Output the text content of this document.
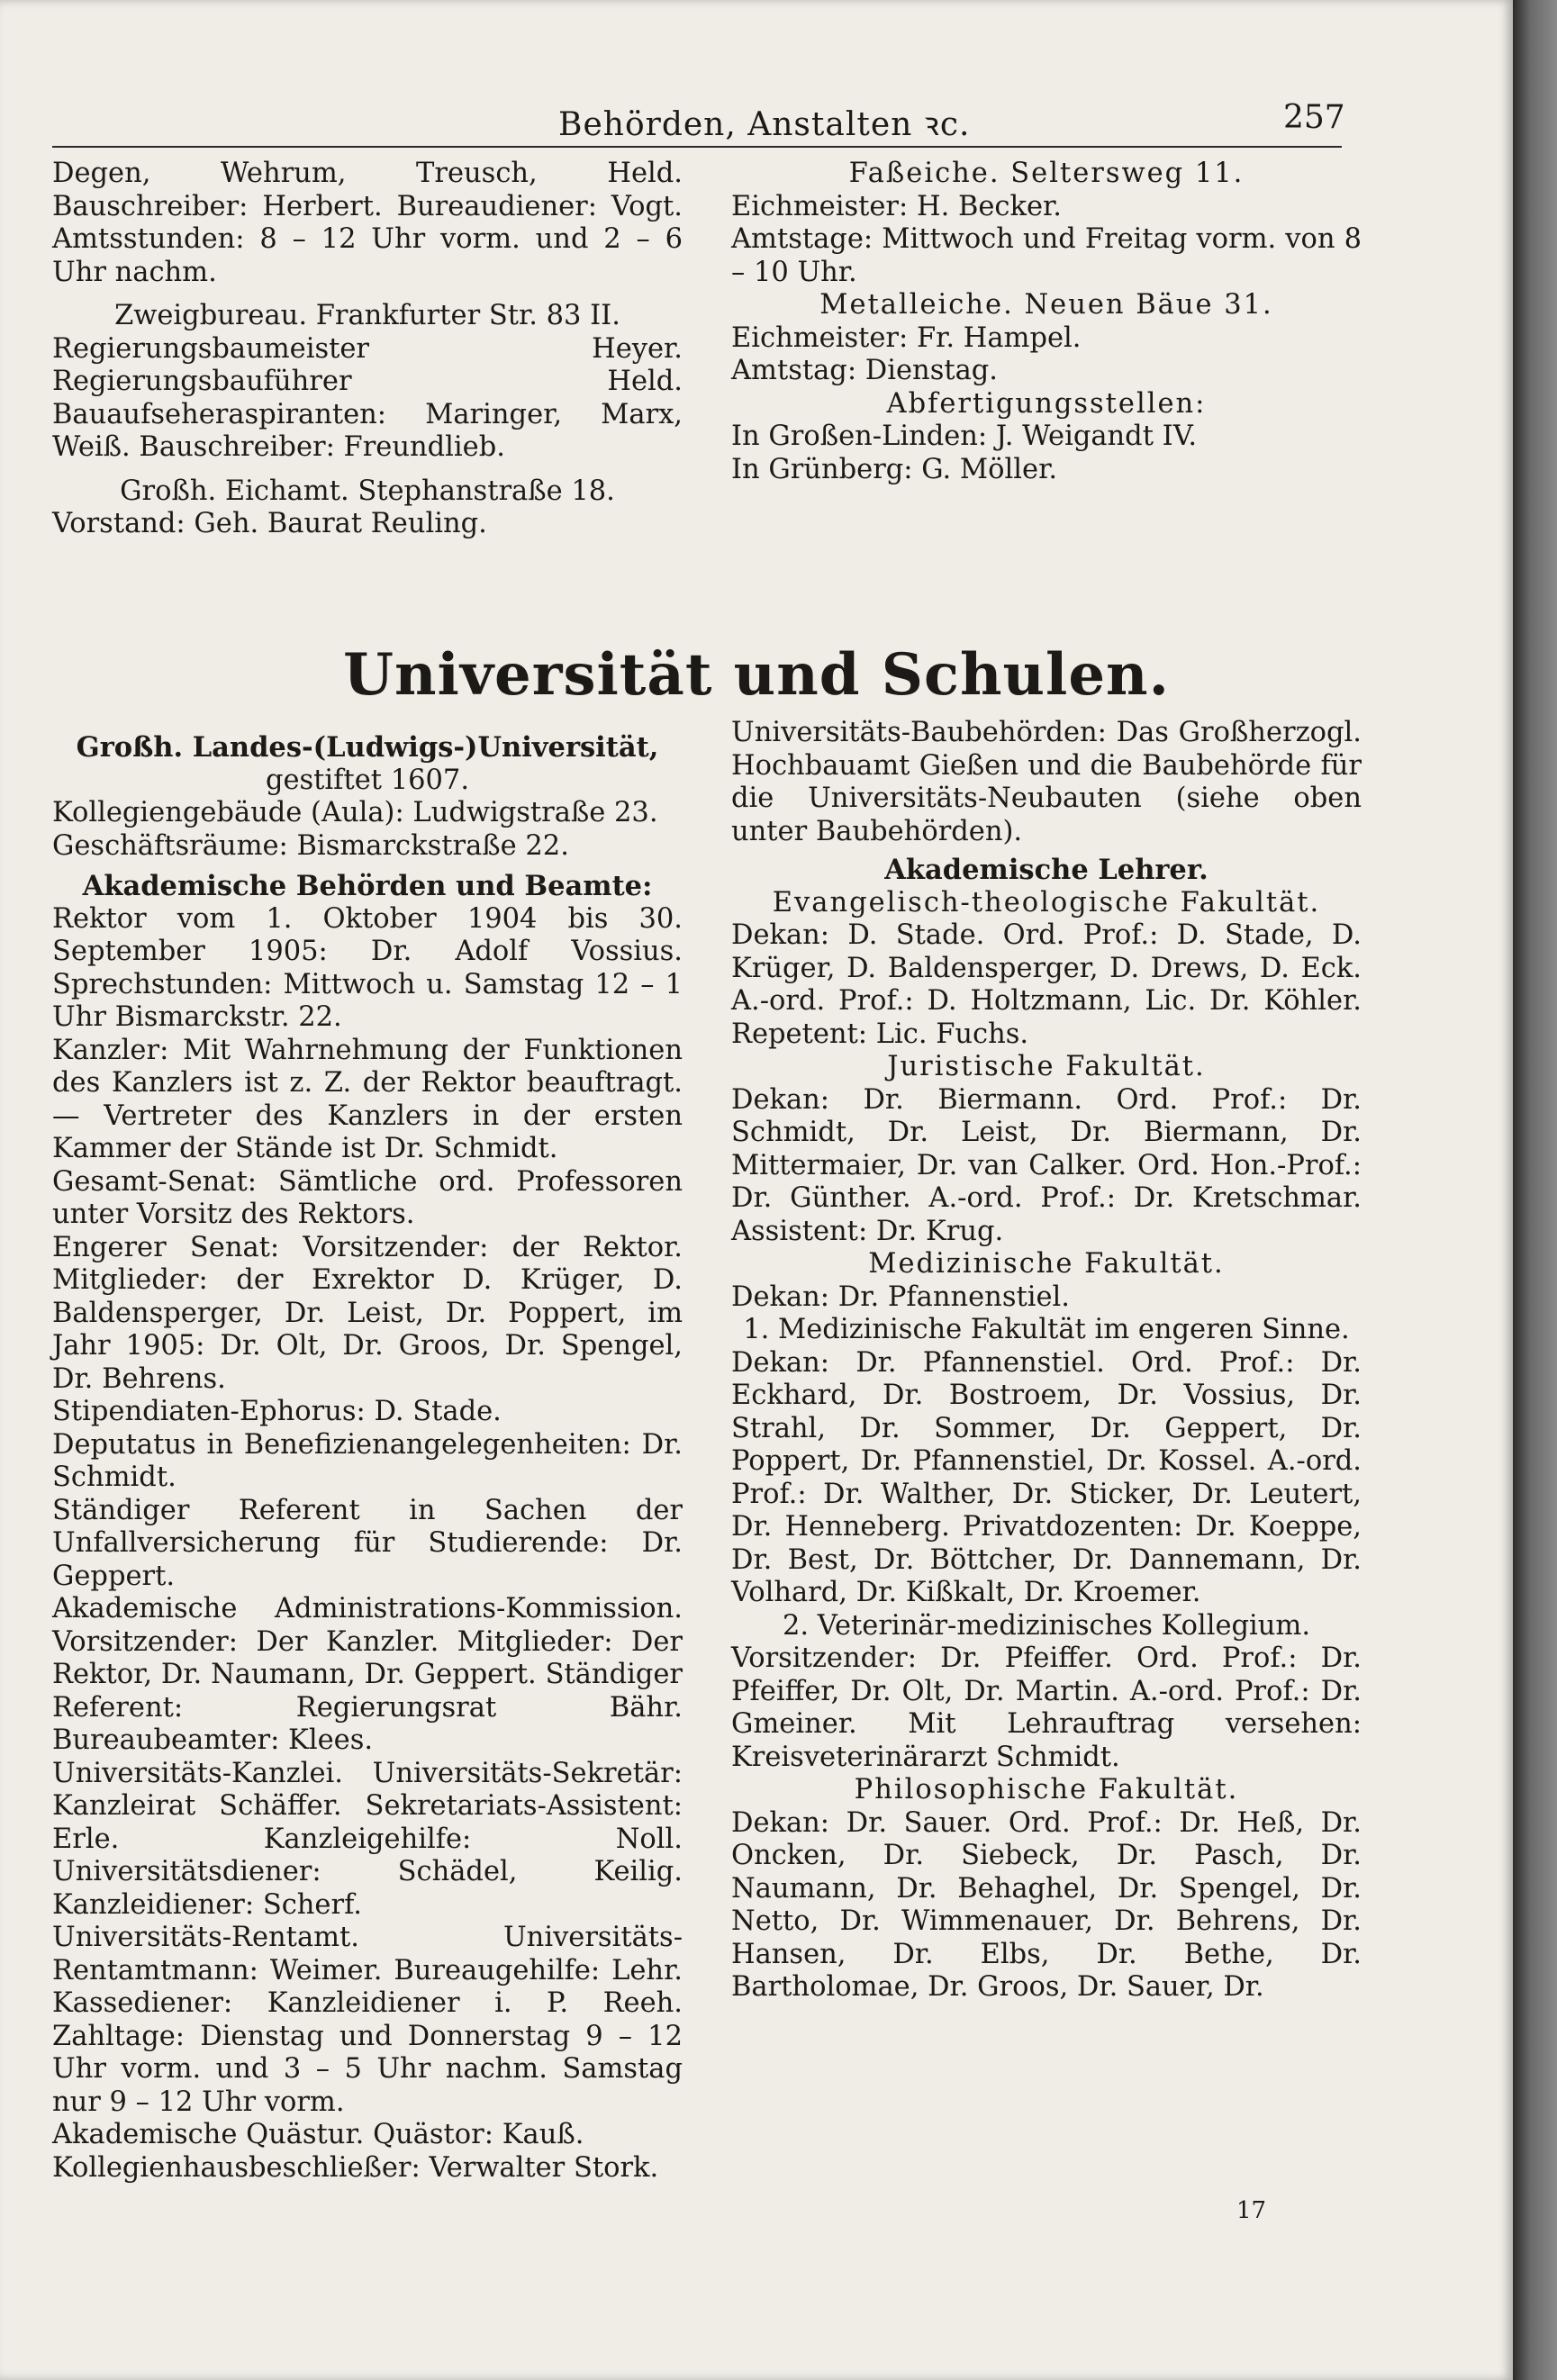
Behörden, Anstalten ꝛc.	257

Degen, Wehrum, Treusch, Held. Bauschreiber: Herbert. Bureaudiener: Vogt. Amtsstunden: 8 – 12 Uhr vorm. und 2 – 6 Uhr nachm.

Zweigbureau. Frankfurter Str. 83 II.

Regierungsbaumeister Heyer. Regierungsbauführer Held. Bauaufseheraspiranten: Maringer, Marx, Weiß. Bauschreiber: Freundlieb.

Großh. Eichamt. Stephanstraße 18.

Vorstand: Geh. Baurat Reuling.

Faßeiche. Seltersweg 11.

Eichmeister: H. Becker.

Amtstage: Mittwoch und Freitag vorm. von 8 – 10 Uhr.

Metalleiche. Neuen Bäue 31.

Eichmeister: Fr. Hampel.

Amtstag: Dienstag.

Abfertigungsstellen:

In Großen-Linden: J. Weigandt IV.

In Grünberg: G. Möller.

Universität und Schulen.

Großh. Landes-(Ludwigs-)Universität,

gestiftet 1607.

Kollegiengebäude (Aula): Ludwigstraße 23.

Geschäftsräume: Bismarckstraße 22.

Akademische Behörden und Beamte:

Rektor vom 1. Oktober 1904 bis 30. September 1905: Dr. Adolf Vossius. Sprechstunden: Mittwoch u. Samstag 12 – 1 Uhr Bismarckstr. 22.

Kanzler: Mit Wahrnehmung der Funktionen des Kanzlers ist z. Z. der Rektor beauftragt. — Vertreter des Kanzlers in der ersten Kammer der Stände ist Dr. Schmidt.

Gesamt-Senat: Sämtliche ord. Professoren unter Vorsitz des Rektors.

Engerer Senat: Vorsitzender: der Rektor. Mitglieder: der Exrektor D. Krüger, D. Baldensperger, Dr. Leist, Dr. Poppert, im Jahr 1905: Dr. Olt, Dr. Groos, Dr. Spengel, Dr. Behrens.

Stipendiaten-Ephorus: D. Stade.

Deputatus in Benefizienangelegenheiten: Dr. Schmidt.

Ständiger Referent in Sachen der Unfallversicherung für Studierende: Dr. Geppert.

Akademische Administrations-Kommission. Vorsitzender: Der Kanzler. Mitglieder: Der Rektor, Dr. Naumann, Dr. Geppert. Ständiger Referent: Regierungsrat Bähr. Bureaubeamter: Klees.

Universitäts-Kanzlei. Universitäts-Sekretär: Kanzleirat Schäffer. Sekretariats-Assistent: Erle. Kanzleigehilfe: Noll. Universitätsdiener: Schädel, Keilig. Kanzleidiener: Scherf.

Universitäts-Rentamt. Universitäts-Rentamtmann: Weimer. Bureaugehilfe: Lehr. Kassediener: Kanzleidiener i. P. Reeh. Zahltage: Dienstag und Donnerstag 9 – 12 Uhr vorm. und 3 – 5 Uhr nachm. Samstag nur 9 – 12 Uhr vorm.

Akademische Quästur. Quästor: Kauß.

Kollegienhausbeschließer: Verwalter Stork.

Universitäts-Baubehörden: Das Großherzogl. Hochbauamt Gießen und die Baubehörde für die Universitäts-Neubauten (siehe oben unter Baubehörden).

Akademische Lehrer.

Evangelisch-theologische Fakultät.

Dekan: D. Stade. Ord. Prof.: D. Stade, D. Krüger, D. Baldensperger, D. Drews, D. Eck. A.-ord. Prof.: D. Holtzmann, Lic. Dr. Köhler. Repetent: Lic. Fuchs.

Juristische Fakultät.

Dekan: Dr. Biermann. Ord. Prof.: Dr. Schmidt, Dr. Leist, Dr. Biermann, Dr. Mittermaier, Dr. van Calker. Ord. Hon.-Prof.: Dr. Günther. A.-ord. Prof.: Dr. Kretschmar. Assistent: Dr. Krug.

Medizinische Fakultät.

Dekan: Dr. Pfannenstiel.

1. Medizinische Fakultät im engeren Sinne.

Dekan: Dr. Pfannenstiel. Ord. Prof.: Dr. Eckhard, Dr. Bostroem, Dr. Vossius, Dr. Strahl, Dr. Sommer, Dr. Geppert, Dr. Poppert, Dr. Pfannenstiel, Dr. Kossel. A.-ord. Prof.: Dr. Walther, Dr. Sticker, Dr. Leutert, Dr. Henneberg. Privatdozenten: Dr. Koeppe, Dr. Best, Dr. Böttcher, Dr. Dannemann, Dr. Volhard, Dr. Kißkalt, Dr. Kroemer.

2. Veterinär-medizinisches Kollegium.

Vorsitzender: Dr. Pfeiffer. Ord. Prof.: Dr. Pfeiffer, Dr. Olt, Dr. Martin. A.-ord. Prof.: Dr. Gmeiner. Mit Lehrauftrag versehen: Kreisveterinärarzt Schmidt.

Philosophische Fakultät.

Dekan: Dr. Sauer. Ord. Prof.: Dr. Heß, Dr. Oncken, Dr. Siebeck, Dr. Pasch, Dr. Naumann, Dr. Behaghel, Dr. Spengel, Dr. Netto, Dr. Wimmenauer, Dr. Behrens, Dr. Hansen, Dr. Elbs, Dr. Bethe, Dr. Bartholomae, Dr. Groos, Dr. Sauer, Dr.

17
